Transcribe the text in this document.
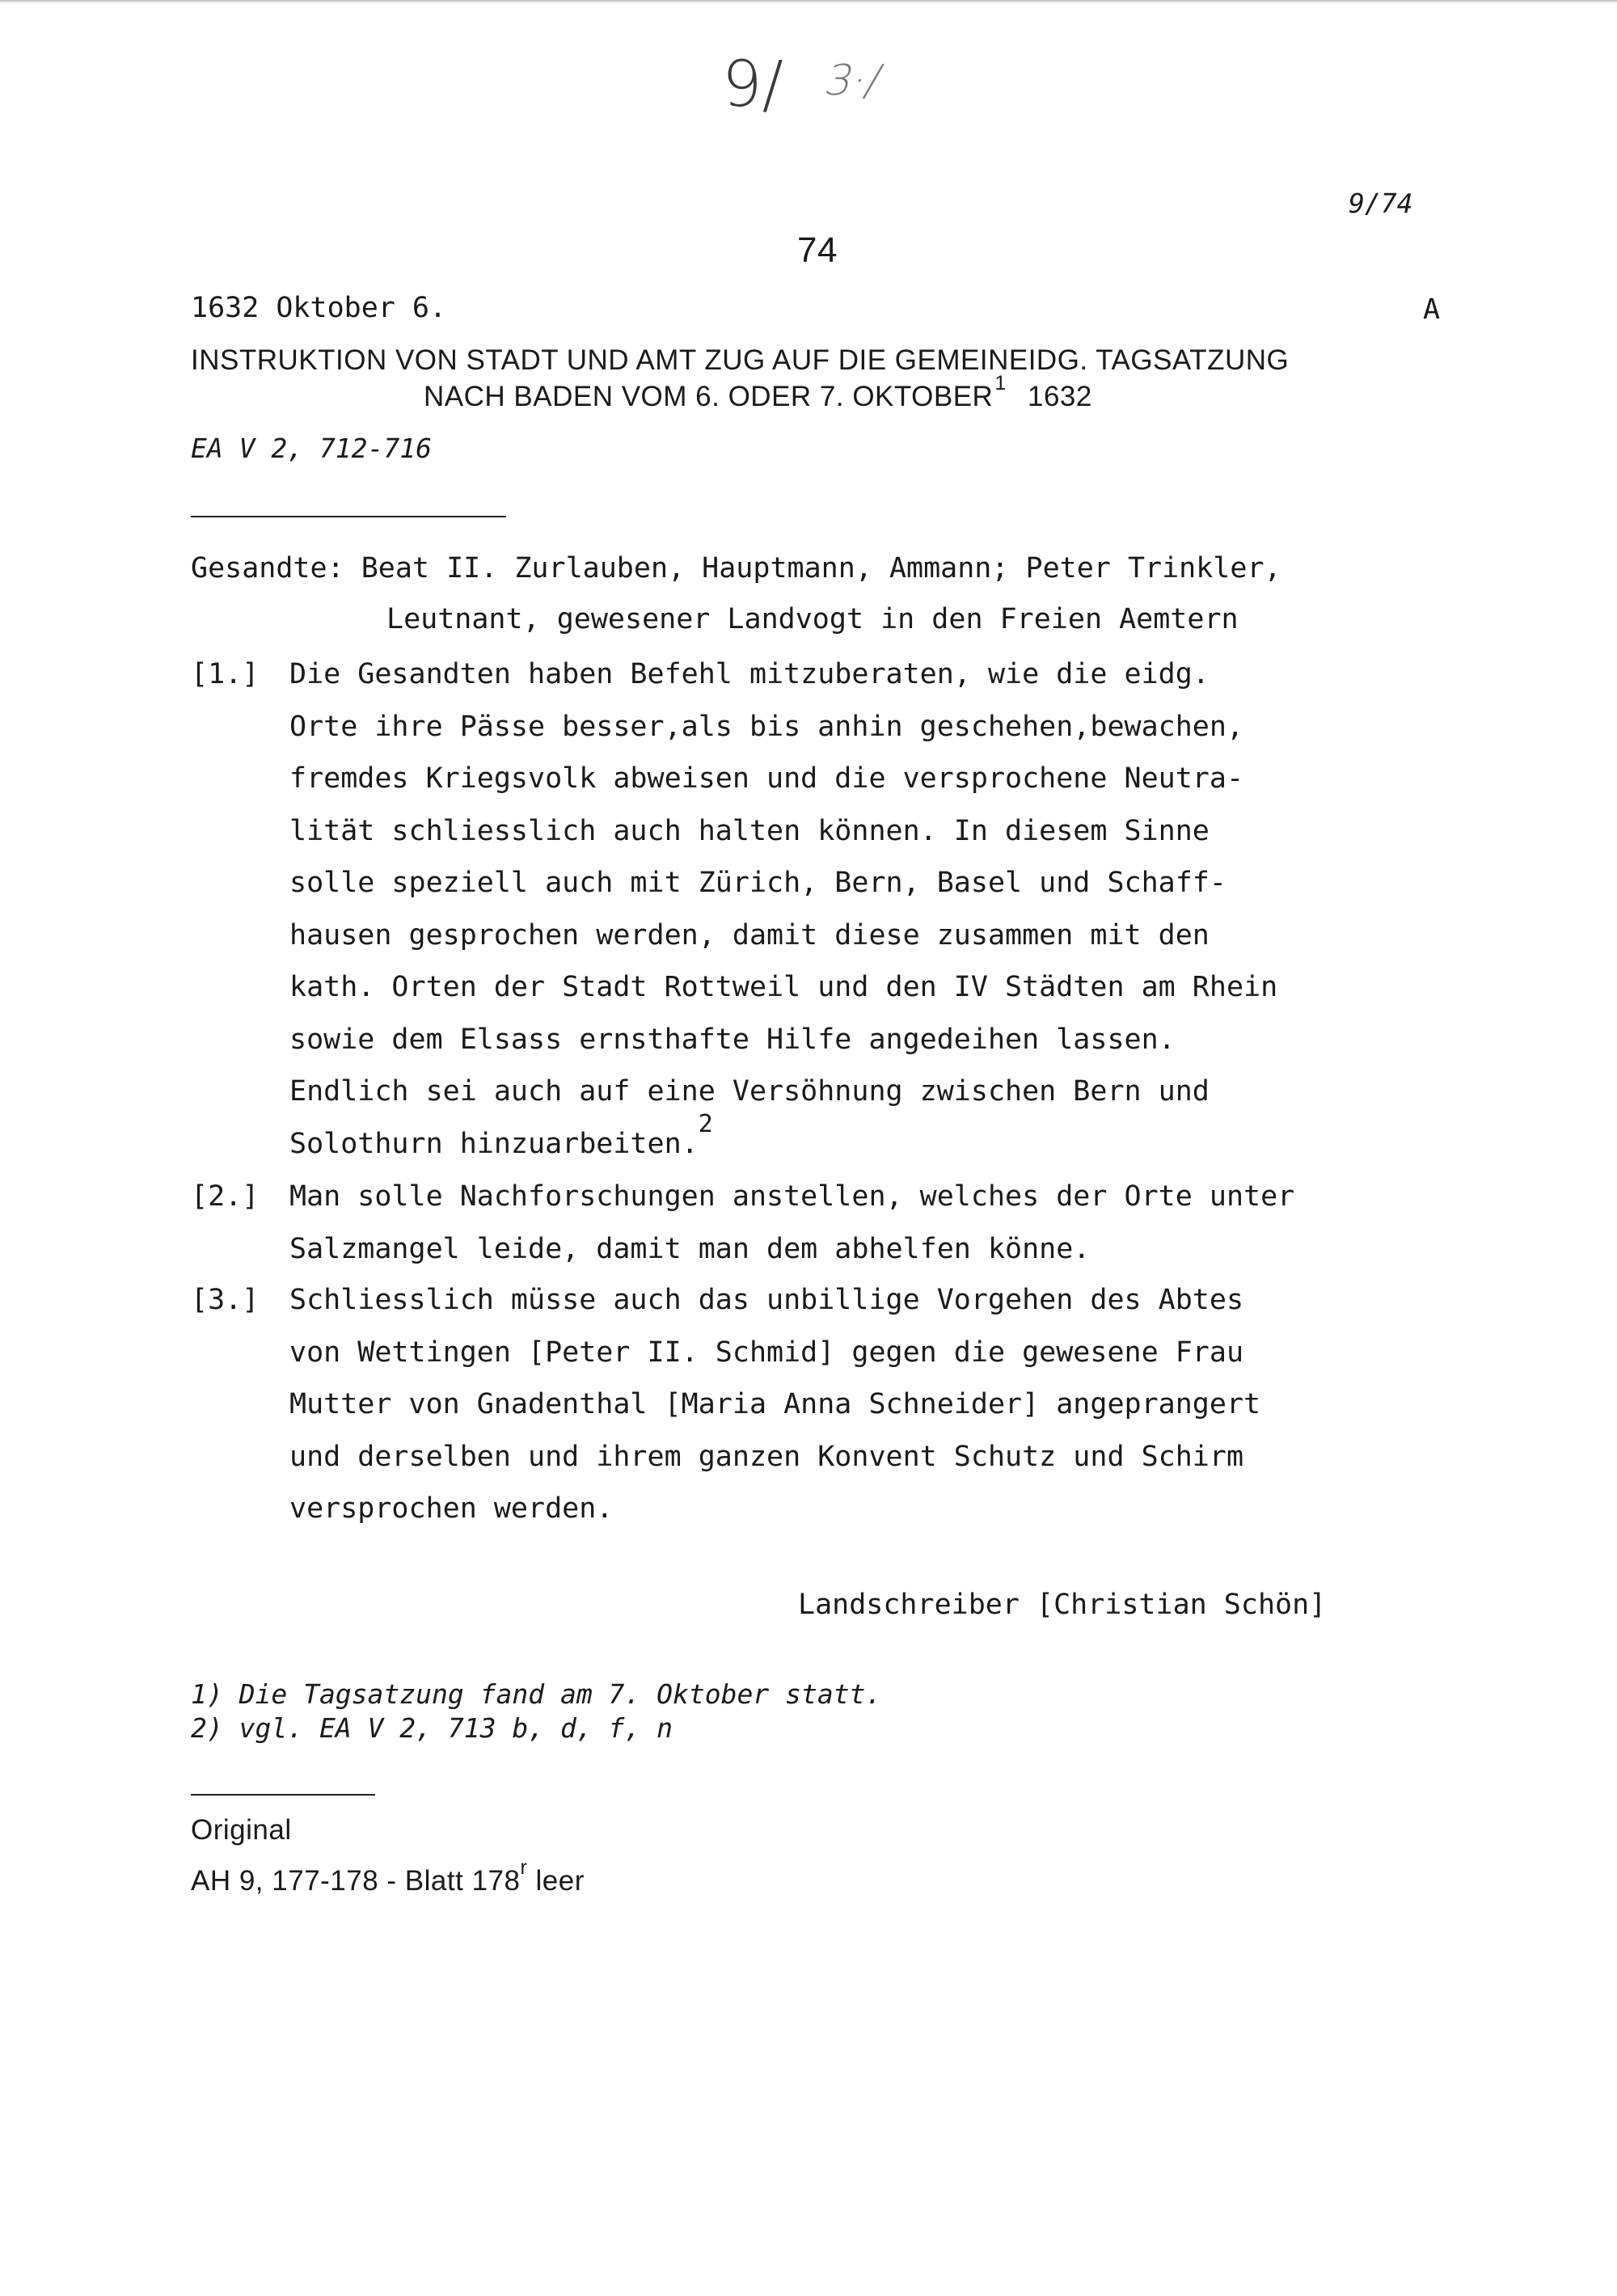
9/ 3·/
9/74
74
1632 Oktober 6.	A
INSTRUKTION VON STADT UND AMT ZUG AUF DIE GEMEINEIDG. TAGSATZUNG
NACH BADEN VOM 6. ODER 7. OKTOBER$^1$ 1632
EA V 2, 712-716
Gesandte: Beat II. Zurlauben, Hauptmann, Ammann; Peter Trinkler,
Leutnant, gewesener Landvogt in den Freien Aemtern
[1.]	Die Gesandten haben Befehl mitzuberaten, wie die eidg.
Orte ihre Pässe besser,als bis anhin geschehen,bewachen,
fremdes Kriegsvolk abweisen und die versprochene Neutra-
lität schliesslich auch halten können. In diesem Sinne
solle speziell auch mit Zürich, Bern, Basel und Schaff-
hausen gesprochen werden, damit diese zusammen mit den
kath. Orten der Stadt Rottweil und den IV Städten am Rhein
sowie dem Elsass ernsthafte Hilfe angedeihen lassen.
Endlich sei auch auf eine Versöhnung zwischen Bern und
Solothurn hinzuarbeiten.2
[2.]	Man solle Nachforschungen anstellen, welches der Orte unter
Salzmangel leide, damit man dem abhelfen könne.
[3.]	Schliesslich müsse auch das unbillige Vorgehen des Abtes
von Wettingen [Peter II. Schmid] gegen die gewesene Frau
Mutter von Gnadenthal [Maria Anna Schneider] angeprangert
und derselben und ihrem ganzen Konvent Schutz und Schirm
versprochen werden.
Landschreiber [Christian Schön]
1) Die Tagsatzung fand am 7. Oktober statt.
2) vgl. EA V 2, 713 b, d, f, n
Original
AH 9, 177-178 - Blatt 178$^r$ leer
